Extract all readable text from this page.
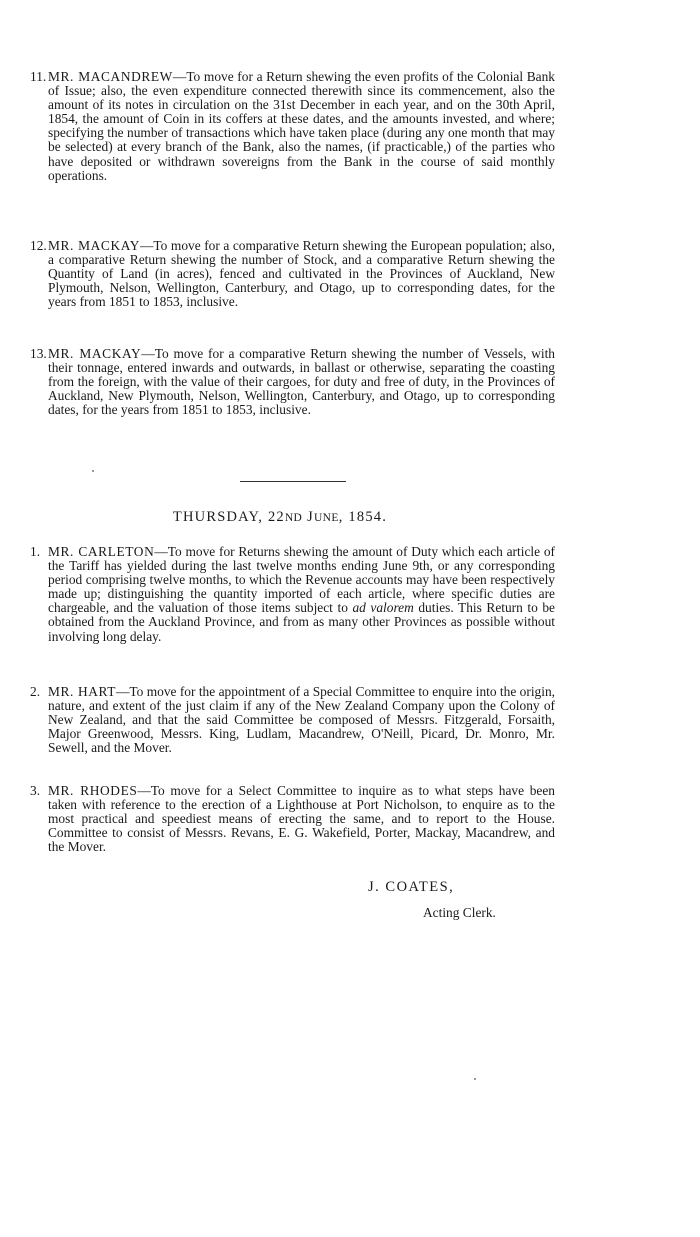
11. MR. MACANDREW—To move for a Return shewing the even profits of the Colonial Bank of Issue; also, the even expenditure connected therewith since its commencement, also the amount of its notes in circulation on the 31st December in each year, and on the 30th April, 1854, the amount of Coin in its coffers at these dates, and the amounts invested, and where; specifying the number of transactions which have taken place (during any one month that may be selected) at every branch of the Bank, also the names, (if practicable,) of the parties who have deposited or withdrawn sovereigns from the Bank in the course of said monthly operations.

12.MR. MACKAY—To move for a comparative Return shewing the European population; also, a comparative Return shewing the number of Stock, and a comparative Return shewing the Quantity of Land (in acres), fenced and cultivated in the Provinces of Auckland, New Plymouth, Nelson, Wellington, Canterbury, and Otago, up to corresponding dates, for the years from 1851 to 1853, inclusive.

13.MR. MACKAY—To move for a comparative Return shewing the number of Vessels, with their tonnage, entered inwards and outwards, in ballast or otherwise, separating the coasting from the foreign, with the value of their cargoes, for duty and free of duty, in the Provinces of Auckland, New Plymouth, Nelson, Wellington, Canterbury, and Otago, up to corresponding dates, for the years from 1851 to 1853, inclusive.

THURSDAY, 22ND JUNE, 1854.

1. MR. CARLETON—To move for Returns shewing the amount of Duty which each article of the Tariff has yielded during the last twelve months ending June 9th, or any corresponding period comprising twelve months, to which the Revenue accounts may have been respectively made up; distinguishing the quantity imported of each article, where specific duties are chargeable, and the valuation of those items subject to ad valorem duties. This Return to be obtained from the Auckland Province, and from as many other Provinces as possible without involving long delay.

2. MR. HART—To move for the appointment of a Special Committee to enquire into the origin, nature, and extent of the just claim if any of the New Zealand Company upon the Colony of New Zealand, and that the said Committee be composed of Messrs. Fitzgerald, Forsaith, Major Greenwood, Messrs. King, Ludlam, Macandrew, O'Neill, Picard, Dr. Monro, Mr. Sewell, and the Mover.

3. MR. RHODES—To move for a Select Committee to inquire as to what steps have been taken with reference to the erection of a Lighthouse at Port Nicholson, to enquire as to the most practical and speediest means of erecting the same, and to report to the House. Committee to consist of Messrs. Revans, E. G. Wakefield, Porter, Mackay, Macandrew, and the Mover.

J. COATES,
Acting Clerk.
